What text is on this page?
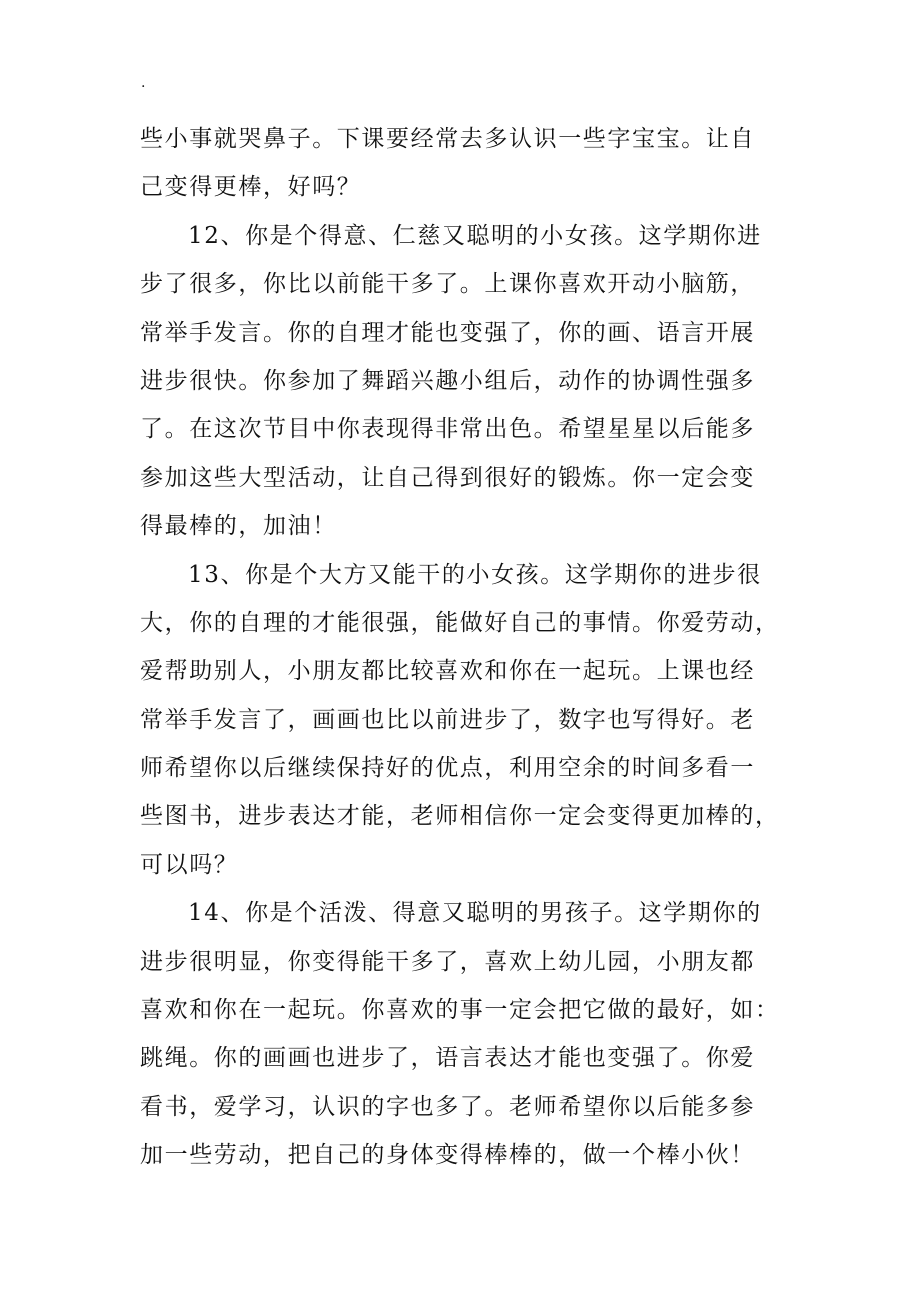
.
些小事就哭鼻子。下课要经常去多认识一些字宝宝。让自
己变得更棒，好吗？
12、你是个得意、仁慈又聪明的小女孩。这学期你进
步了很多，你比以前能干多了。上课你喜欢开动小脑筋，
常举手发言。你的自理才能也变强了，你的画、语言开展
进步很快。你参加了舞蹈兴趣小组后，动作的协调性强多
了。在这次节目中你表现得非常出色。希望星星以后能多
参加这些大型活动，让自己得到很好的锻炼。你一定会变
得最棒的，加油！
13、你是个大方又能干的小女孩。这学期你的进步很
大，你的自理的才能很强，能做好自己的事情。你爱劳动，
爱帮助别人，小朋友都比较喜欢和你在一起玩。上课也经
常举手发言了，画画也比以前进步了，数字也写得好。老
师希望你以后继续保持好的优点，利用空余的时间多看一
些图书，进步表达才能，老师相信你一定会变得更加棒的，
可以吗？
14、你是个活泼、得意又聪明的男孩子。这学期你的
进步很明显，你变得能干多了，喜欢上幼儿园，小朋友都
喜欢和你在一起玩。你喜欢的事一定会把它做的最好，如：
跳绳。你的画画也进步了，语言表达才能也变强了。你爱
看书，爱学习，认识的字也多了。老师希望你以后能多参
加一些劳动，把自己的身体变得棒棒的，做一个棒小伙！
